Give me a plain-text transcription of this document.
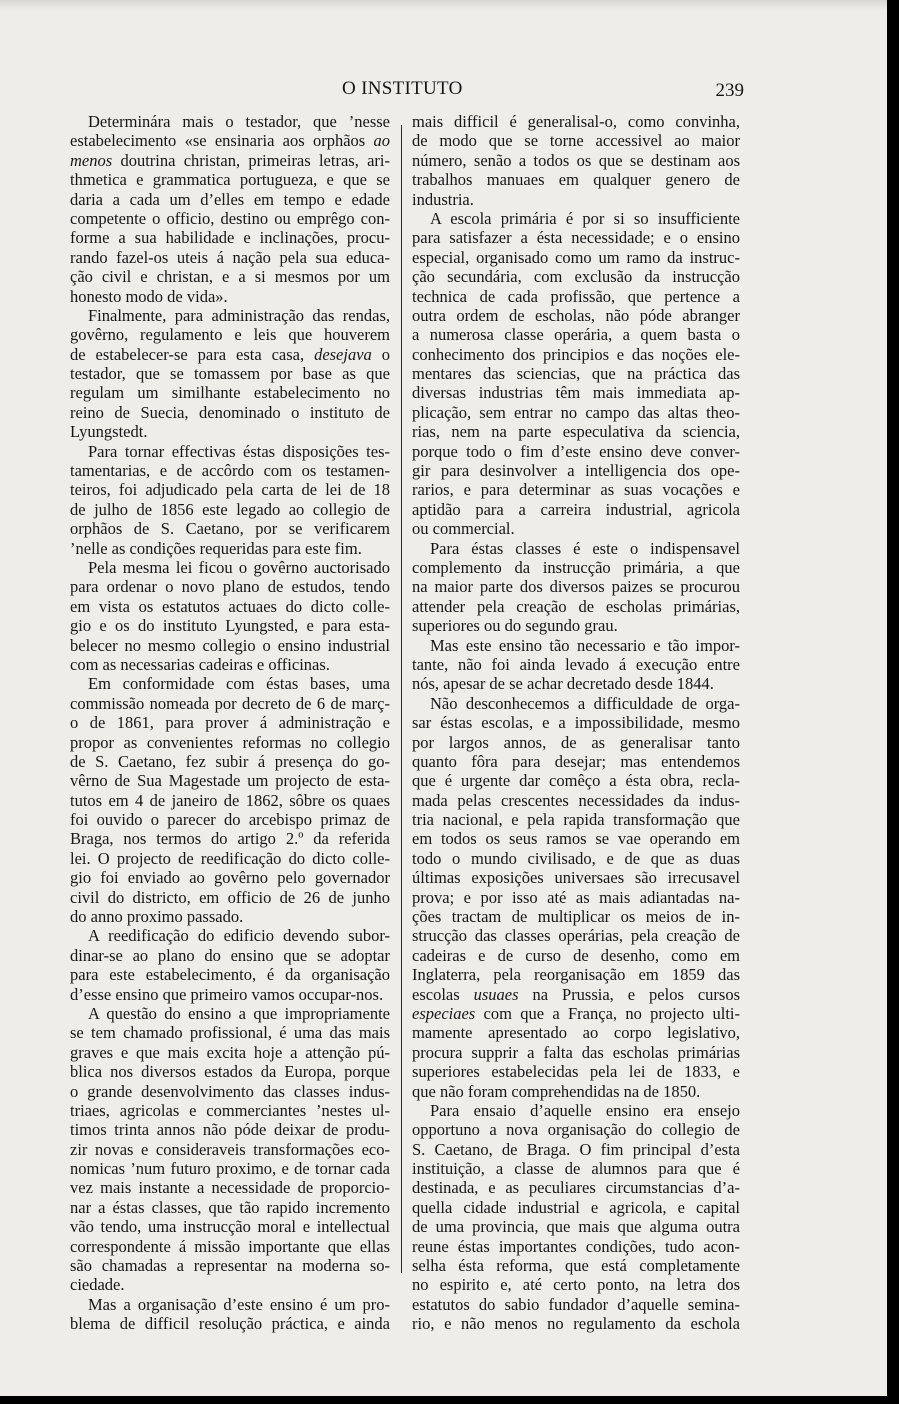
O INSTITUTO	239
Determinára mais o testador, que ’nesse
estabelecimento «se ensinaria aos orphãos ao
menos doutrina christan, primeiras letras, ari-
thmetica e grammatica portugueza, e que se
daria a cada um d’elles em tempo e edade
competente o officio, destino ou emprêgo con-
forme a sua habilidade e inclinações, procu-
rando fazel-os uteis á nação pela sua educa-
ção civil e christan, e a si mesmos por um
honesto modo de vida».
Finalmente, para administração das rendas,
govêrno, regulamento e leis que houverem
de estabelecer-se para esta casa, desejava o
testador, que se tomassem por base as que
regulam um similhante estabelecimento no
reino de Suecia, denominado o instituto de
Lyungstedt.
Para tornar effectivas éstas disposições tes-
tamentarias, e de accôrdo com os testamen-
teiros, foi adjudicado pela carta de lei de 18
de julho de 1856 este legado ao collegio de
orphãos de S. Caetano, por se verificarem
’nelle as condições requeridas para este fim.
Pela mesma lei ficou o govêrno auctorisado
para ordenar o novo plano de estudos, tendo
em vista os estatutos actuaes do dicto colle-
gio e os do instituto Lyungsted, e para esta-
belecer no mesmo collegio o ensino industrial
com as necessarias cadeiras e officinas.
Em conformidade com éstas bases, uma
commissão nomeada por decreto de 6 de març-
o de 1861, para prover á administração e
propor as convenientes reformas no collegio
de S. Caetano, fez subir á presença do go-
vêrno de Sua Magestade um projecto de esta-
tutos em 4 de janeiro de 1862, sôbre os quaes
foi ouvido o parecer do arcebispo primaz de
Braga, nos termos do artigo 2.º da referida
lei. O projecto de reedificação do dicto colle-
gio foi enviado ao govêrno pelo governador
civil do districto, em officio de 26 de junho
do anno proximo passado.
A reedificação do edificio devendo subor-
dinar-se ao plano do ensino que se adoptar
para este estabelecimento, é da organisação
d’esse ensino que primeiro vamos occupar-nos.
A questão do ensino a que impropriamente
se tem chamado profissional, é uma das mais
graves e que mais excita hoje a attenção pú-
blica nos diversos estados da Europa, porque
o grande desenvolvimento das classes indus-
triaes, agricolas e commerciantes ’nestes ul-
timos trinta annos não póde deixar de produ-
zir novas e consideraveis transformações eco-
nomicas ’num futuro proximo, e de tornar cada
vez mais instante a necessidade de proporcio-
nar a éstas classes, que tão rapido incremento
vão tendo, uma instrucção moral e intellectual
correspondente á missão importante que ellas
são chamadas a representar na moderna so-
ciedade.
Mas a organisação d’este ensino é um pro-
blema de difficil resolução práctica, e ainda
mais difficil é generalisal-o, como convinha,
de modo que se torne accessivel ao maior
número, senão a todos os que se destinam aos
trabalhos manuaes em qualquer genero de
industria.
A escola primária é por si so insufficiente
para satisfazer a ésta necessidade; e o ensino
especial, organisado como um ramo da instruc-
ção secundária, com exclusão da instrucção
technica de cada profissão, que pertence a
outra ordem de escholas, não póde abranger
a numerosa classe operária, a quem basta o
conhecimento dos principios e das noções ele-
mentares das sciencias, que na práctica das
diversas industrias têm mais immediata ap-
plicação, sem entrar no campo das altas theo-
rias, nem na parte especulativa da sciencia,
porque todo o fim d’este ensino deve conver-
gir para desinvolver a intelligencia dos ope-
rarios, e para determinar as suas vocações e
aptidão para a carreira industrial, agricola
ou commercial.
Para éstas classes é este o indispensavel
complemento da instrucção primária, a que
na maior parte dos diversos paizes se procurou
attender pela creação de escholas primárias,
superiores ou do segundo grau.
Mas este ensino tão necessario e tão impor-
tante, não foi ainda levado á execução entre
nós, apesar de se achar decretado desde 1844.
Não desconhecemos a difficuldade de orga-
sar éstas escolas, e a impossibilidade, mesmo
por largos annos, de as generalisar tanto
quanto fôra para desejar; mas entendemos
que é urgente dar comêço a ésta obra, recla-
mada pelas crescentes necessidades da indus-
tria nacional, e pela rapida transformação que
em todos os seus ramos se vae operando em
todo o mundo civilisado, e de que as duas
últimas exposições universaes são irrecusavel
prova; e por isso até as mais adiantadas na-
ções tractam de multiplicar os meios de in-
strucção das classes operárias, pela creação de
cadeiras e de curso de desenho, como em
Inglaterra, pela reorganisação em 1859 das
escolas usuaes na Prussia, e pelos cursos
especiaes com que a França, no projecto ulti-
mamente apresentado ao corpo legislativo,
procura supprir a falta das escholas primárias
superiores estabelecidas pela lei de 1833, e
que não foram comprehendidas na de 1850.
Para ensaio d’aquelle ensino era ensejo
opportuno a nova organisação do collegio de
S. Caetano, de Braga. O fim principal d’esta
instituição, a classe de alumnos para que é
destinada, e as peculiares circumstancias d’a-
quella cidade industrial e agricola, e capital
de uma provincia, que mais que alguma outra
reune éstas importantes condições, tudo acon-
selha ésta reforma, que está completamente
no espirito e, até certo ponto, na letra dos
estatutos do sabio fundador d’aquelle semina-
rio, e não menos no regulamento da eschola
